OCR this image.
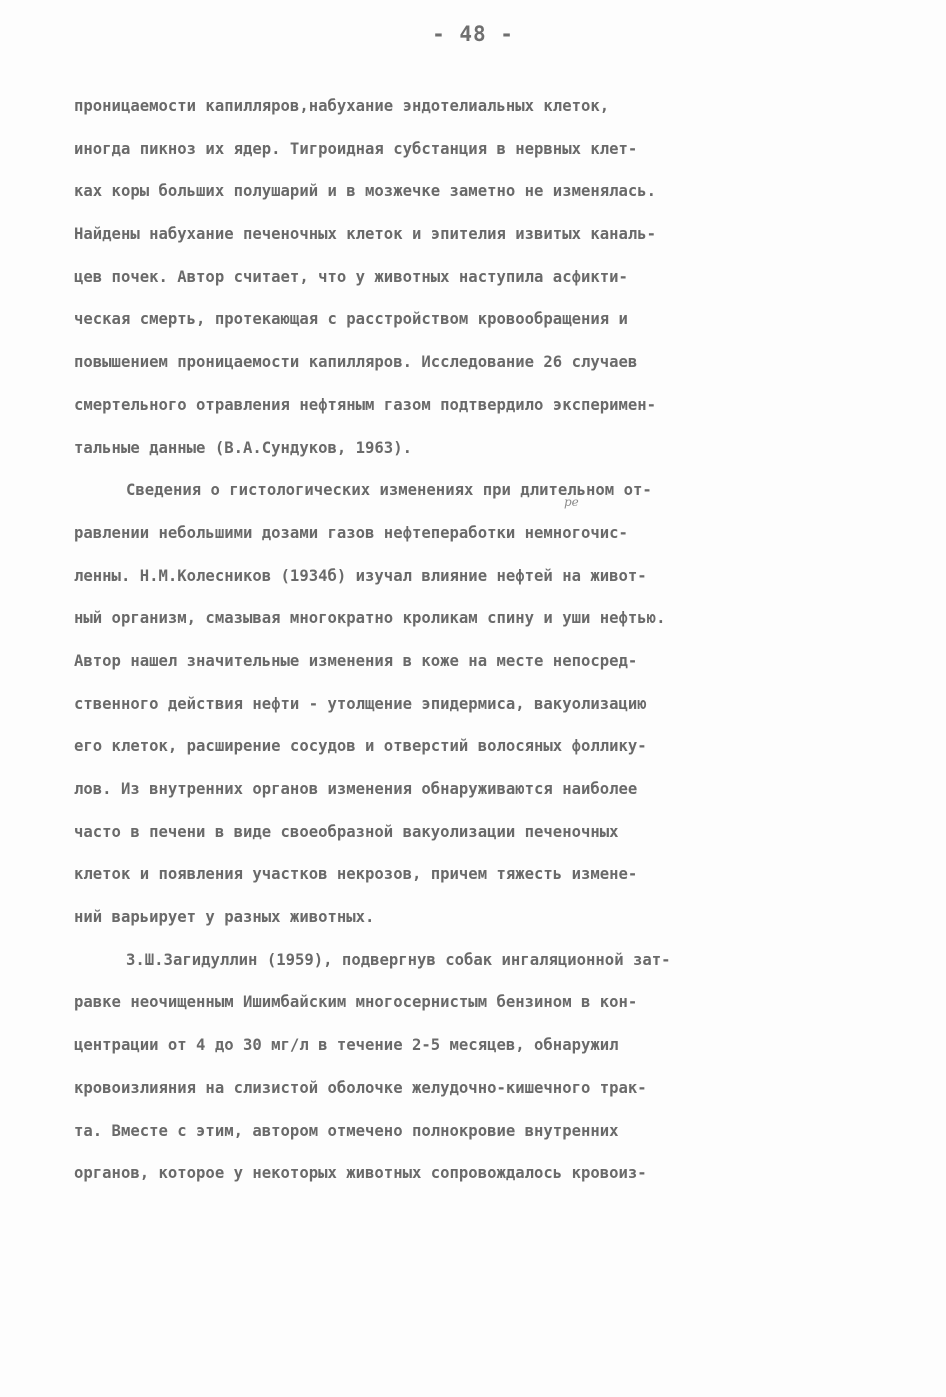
- 48 -
ре
проницаемости капилляров,набухание эндотелиальных клеток,
иногда пикноз их ядер. Тигроидная субстанция в нервных клет-
ках коры больших полушарий и в мозжечке заметно не изменялась.
Найдены набухание печеночных клеток и эпителия извитых каналь-
цев почек. Автор считает, что у животных наступила асфикти-
ческая смерть, протекающая с расстройством кровообращения и
повышением проницаемости капилляров. Исследование 26 случаев
смертельного отравления нефтяным газом подтвердило эксперимен-
тальные данные (В.А.Сундуков, 1963).
Сведения о гистологических изменениях при длительном от-
равлении небольшими дозами газов нефтепеработки немногочис-
ленны. Н.М.Колесников (1934б) изучал влияние нефтей на живот-
ный организм, смазывая многократно кроликам спину и уши нефтью.
Автор нашел значительные изменения в коже на месте непосред-
ственного действия нефти - утолщение эпидермиса, вакуолизацию
его клеток, расширение сосудов и отверстий волосяных фоллику-
лов. Из внутренних органов изменения обнаруживаются наиболее
часто в печени в виде своеобразной вакуолизации печеночных
клеток и появления участков некрозов, причем тяжесть измене-
ний варьирует у разных животных.
З.Ш.Загидуллин (1959), подвергнув собак ингаляционной зат-
равке неочищенным Ишимбайским многосернистым бензином в кон-
центрации от 4 до 30 мг/л в течение 2-5 месяцев, обнаружил
кровоизлияния на слизистой оболочке желудочно-кишечного трак-
та. Вместе с этим, автором отмечено полнокровие внутренних
органов, которое у некоторых животных сопровождалось кровоиз-
